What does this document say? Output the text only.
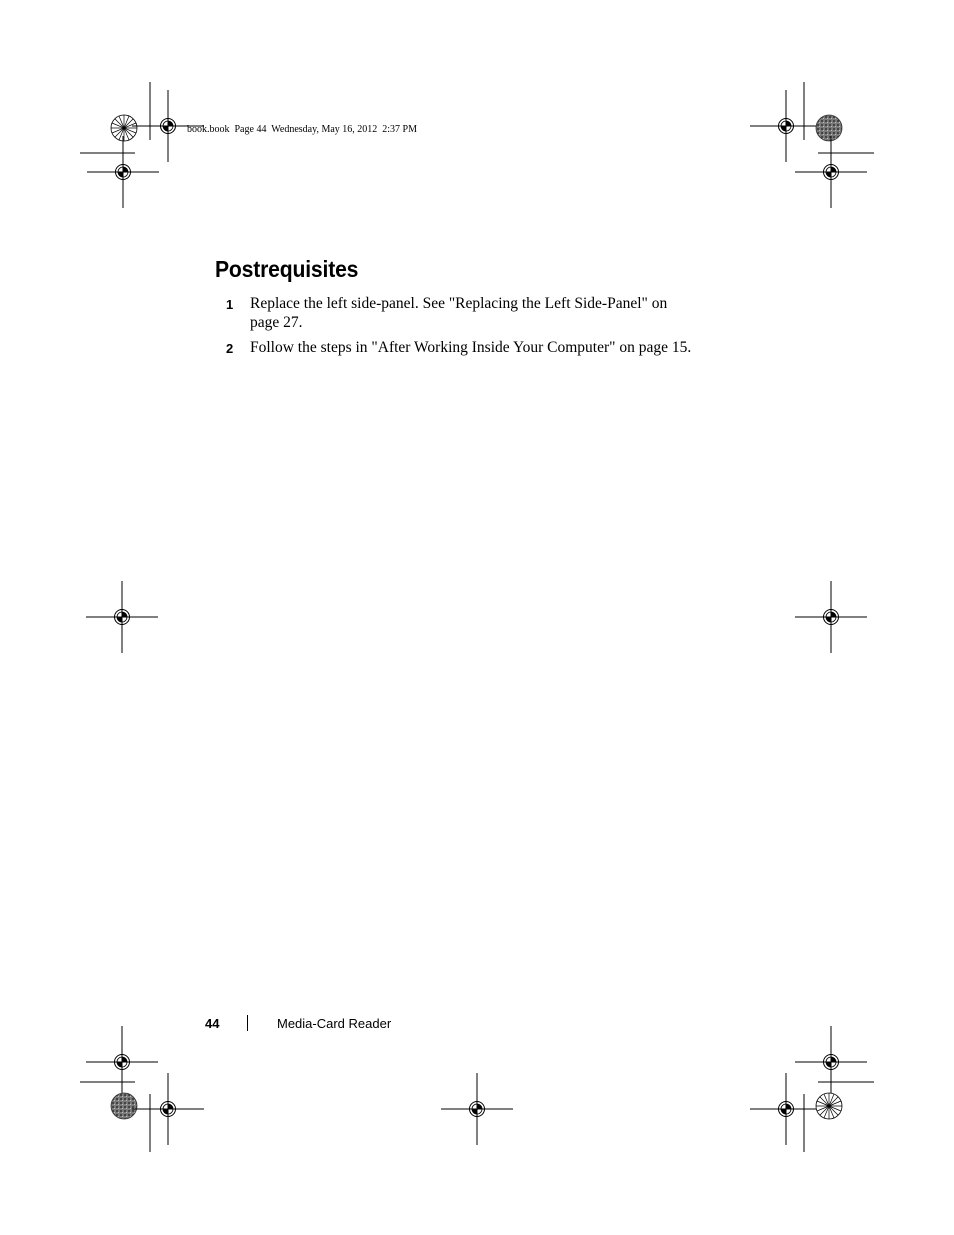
book.book  Page 44  Wednesday, May 16, 2012  2:37 PM
Postrequisites
1 Replace the left side-panel. See "Replacing the Left Side-Panel" on page 27.
2 Follow the steps in "After Working Inside Your Computer" on page 15.
44	Media-Card Reader
